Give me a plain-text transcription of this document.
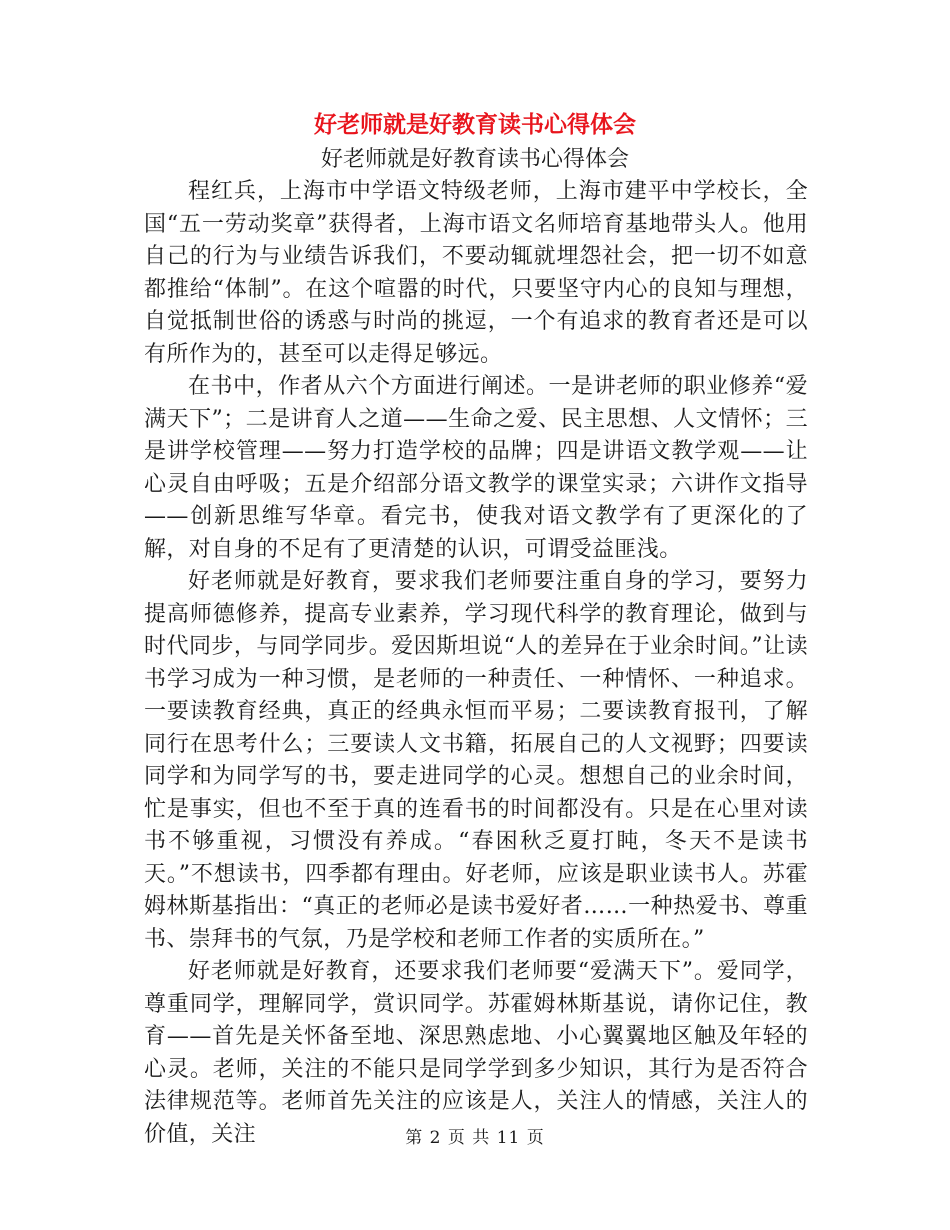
好老师就是好教育读书心得体会
好老师就是好教育读书心得体会

程红兵，上海市中学语文特级老师，上海市建平中学校长，全国“五一劳动奖章”获得者，上海市语文名师培育基地带头人。他用自己的行为与业绩告诉我们，不要动辄就埋怨社会，把一切不如意都推给“体制”。在这个喧嚣的时代，只要坚守内心的良知与理想，自觉抵制世俗的诱惑与时尚的挑逗，一个有追求的教育者还是可以有所作为的，甚至可以走得足够远。

在书中，作者从六个方面进行阐述。一是讲老师的职业修养“爱满天下”；二是讲育人之道——生命之爱、民主思想、人文情怀；三是讲学校管理——努力打造学校的品牌；四是讲语文教学观——让心灵自由呼吸；五是介绍部分语文教学的课堂实录；六讲作文指导——创新思维写华章。看完书，使我对语文教学有了更深化的了解，对自身的不足有了更清楚的认识，可谓受益匪浅。

好老师就是好教育，要求我们老师要注重自身的学习，要努力提高师德修养，提高专业素养，学习现代科学的教育理论，做到与时代同步，与同学同步。爱因斯坦说“人的差异在于业余时间。”让读书学习成为一种习惯，是老师的一种责任、一种情怀、一种追求。一要读教育经典，真正的经典永恒而平易；二要读教育报刊，了解同行在思考什么；三要读人文书籍，拓展自己的人文视野；四要读同学和为同学写的书，要走进同学的心灵。想想自己的业余时间，忙是事实，但也不至于真的连看书的时间都没有。只是在心里对读书不够重视，习惯没有养成。“春困秋乏夏打盹，冬天不是读书天。”不想读书，四季都有理由。好老师，应该是职业读书人。苏霍姆林斯基指出：“真正的老师必是读书爱好者……一种热爱书、尊重书、崇拜书的气氛，乃是学校和老师工作者的实质所在。”

好老师就是好教育，还要求我们老师要“爱满天下”。爱同学，尊重同学，理解同学，赏识同学。苏霍姆林斯基说，请你记住，教育——首先是关怀备至地、深思熟虑地、小心翼翼地区触及年轻的心灵。老师，关注的不能只是同学学到多少知识，其行为是否符合法律规范等。老师首先关注的应该是人，关注人的情感，关注人的价值，关注	第 2 页 共 11 页
